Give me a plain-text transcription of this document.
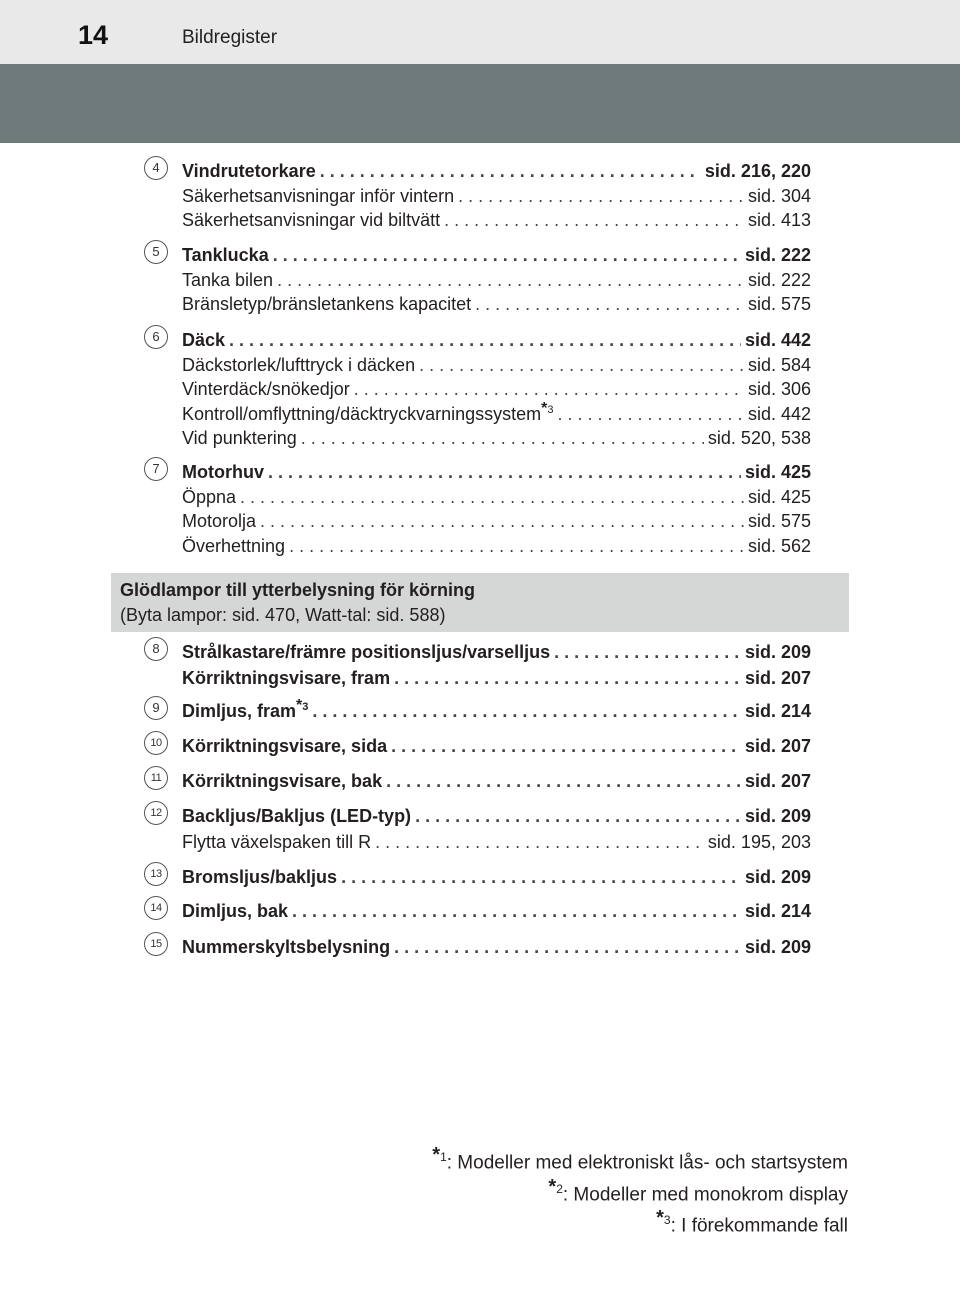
14	Bildregister
4	Vindrutetorkare . . .	sid. 216, 220
Säkerhetsanvisningar inför vintern . . .	sid. 304
Säkerhetsanvisningar vid biltvätt . . .	sid. 413
5	Tanklucka . . .	sid. 222
Tanka bilen . . .	sid. 222
Bränsletyp/bränsletankens kapacitet . . .	sid. 575
6	Däck . . .	sid. 442
Däckstorlek/lufttryck i däcken . . .	sid. 584
Vinterdäck/snökedjor . . .	sid. 306
Kontroll/omflyttning/däcktryckvarningssystem$^{*3}$ . . .	sid. 442
Vid punktering . . .	sid. 520, 538
7	Motorhuv . . .	sid. 425
Öppna . . .	sid. 425
Motorolja . . .	sid. 575
Överhettning . . .	sid. 562
Glödlampor till ytterbelysning för körning
(Byta lampor: sid. 470, Watt-tal: sid. 588)
8	Strålkastare/främre positionsljus/varselljus . . .	sid. 209
Körriktningsvisare, fram . . .	sid. 207
9	Dimljus, fram$^{*3}$ . . .	sid. 214
10	Körriktningsvisare, sida . . .	sid. 207
11	Körriktningsvisare, bak . . .	sid. 207
12	Backljus/Bakljus (LED-typ) . . .	sid. 209
Flytta växelspaken till R . . .	sid. 195, 203
13	Bromsljus/bakljus . . .	sid. 209
14	Dimljus, bak . . .	sid. 214
15	Nummerskyltsbelysning . . .	sid. 209
$^{*1}$: Modeller med elektroniskt lås- och startsystem
$^{*2}$: Modeller med monokrom display
$^{*3}$: I förekommande fall
